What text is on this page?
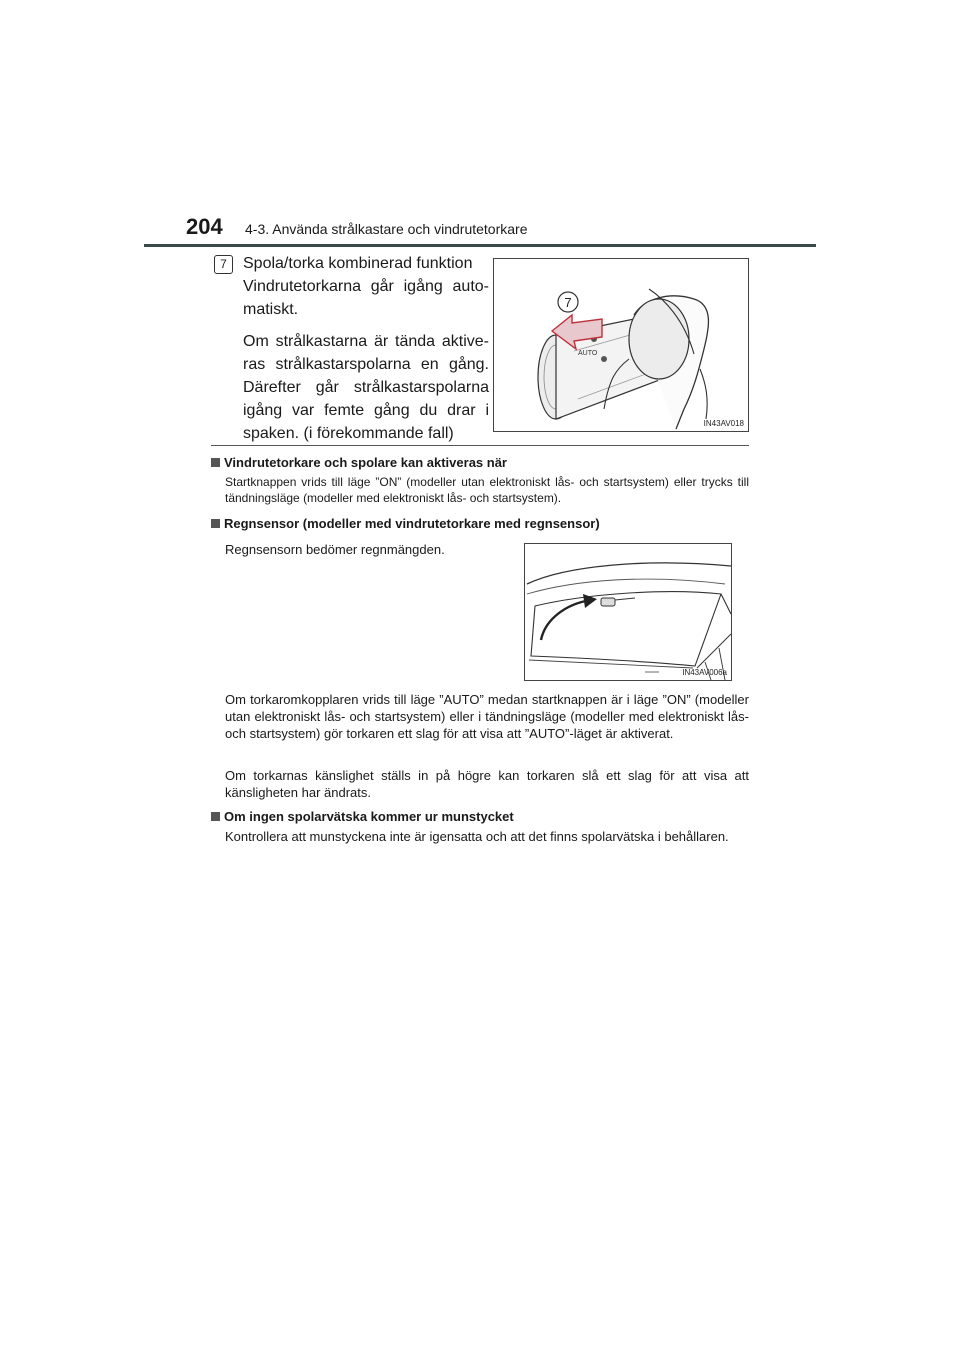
204 4-3. Använda strålkastare och vindrutetorkare
7	Spola/torka kombinerad funktion

Vindrutetorkarna går igång auto-matiskt.

Om strålkastarna är tända aktive-ras strålkastarspolarna en gång. Därefter går strålkastarspolarna igång var femte gång du drar i spaken. (i förekommande fall)

AUTO
7
IN43AV018
Vindrutetorkare och spolare kan aktiveras när
Startknappen vrids till läge ”ON” (modeller utan elektroniskt lås- och startsystem) eller trycks till tändningsläge (modeller med elektroniskt lås- och startsystem).
Regnsensor (modeller med vindrutetorkare med regnsensor)
Regnsensorn bedömer regnmängden.
IN43AV006a
Om torkaromkopplaren vrids till läge ”AUTO” medan startknappen är i läge ”ON” (modeller utan elektroniskt lås- och startsystem) eller i tändningsläge (modeller med elektroniskt lås- och startsystem) gör torkaren ett slag för att visa att ”AUTO”-läget är aktiverat.
Om torkarnas känslighet ställs in på högre kan torkaren slå ett slag för att visa att känsligheten har ändrats.
Om ingen spolarvätska kommer ur munstycket
Kontrollera att munstyckena inte är igensatta och att det finns spolarvätska i behållaren.
